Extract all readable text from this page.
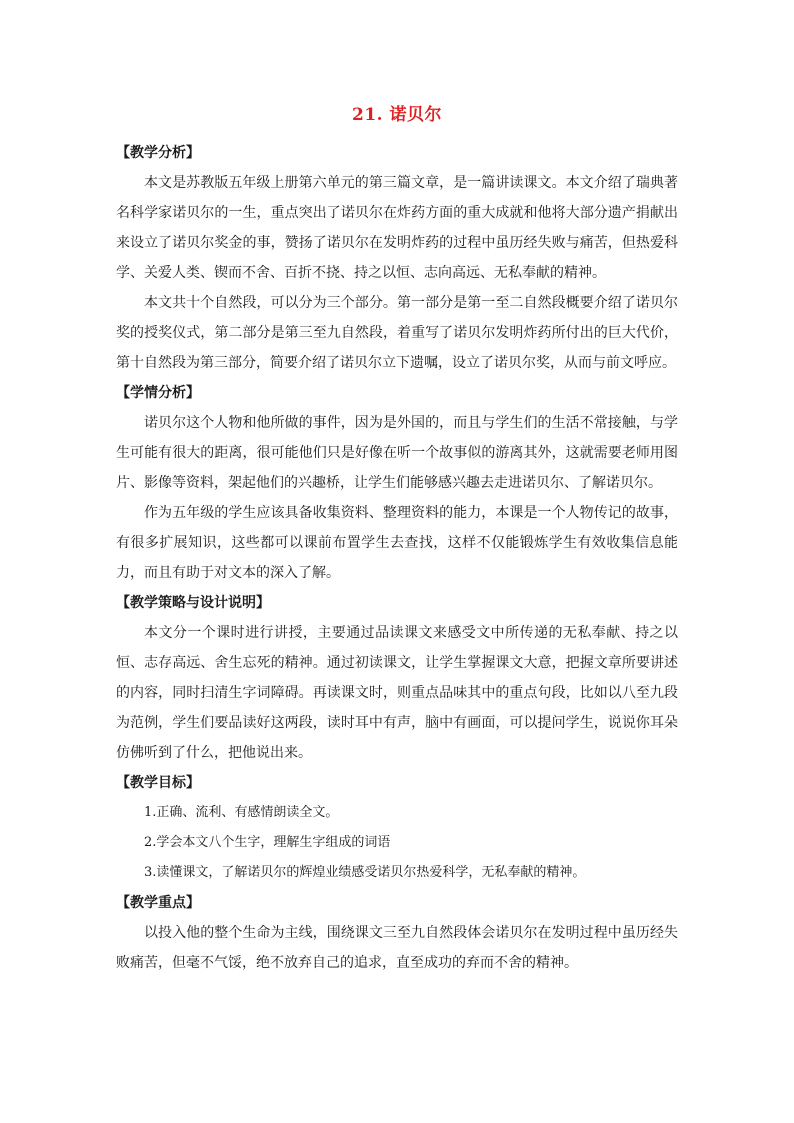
21. 诺贝尔

【教学分析】

本文是苏教版五年级上册第六单元的第三篇文章，是一篇讲读课文。本文介绍了瑞典著名科学家诺贝尔的一生，重点突出了诺贝尔在炸药方面的重大成就和他将大部分遗产捐献出来设立了诺贝尔奖金的事，赞扬了诺贝尔在发明炸药的过程中虽历经失败与痛苦，但热爱科学、关爱人类、锲而不舍、百折不挠、持之以恒、志向高远、无私奉献的精神。

本文共十个自然段，可以分为三个部分。第一部分是第一至二自然段概要介绍了诺贝尔奖的授奖仪式，第二部分是第三至九自然段，着重写了诺贝尔发明炸药所付出的巨大代价，第十自然段为第三部分，简要介绍了诺贝尔立下遗嘱，设立了诺贝尔奖，从而与前文呼应。

【学情分析】

诺贝尔这个人物和他所做的事件，因为是外国的，而且与学生们的生活不常接触，与学生可能有很大的距离，很可能他们只是好像在听一个故事似的游离其外，这就需要老师用图片、影像等资料，架起他们的兴趣桥，让学生们能够感兴趣去走进诺贝尔、了解诺贝尔。

作为五年级的学生应该具备收集资料、整理资料的能力，本课是一个人物传记的故事，有很多扩展知识，这些都可以课前布置学生去查找，这样不仅能锻炼学生有效收集信息能力，而且有助于对文本的深入了解。

【教学策略与设计说明】

本文分一个课时进行讲授，主要通过品读课文来感受文中所传递的无私奉献、持之以恒、志存高远、舍生忘死的精神。通过初读课文，让学生掌握课文大意，把握文章所要讲述的内容，同时扫清生字词障碍。再读课文时，则重点品味其中的重点句段，比如以八至九段为范例，学生们要品读好这两段，读时耳中有声，脑中有画面，可以提问学生，说说你耳朵仿佛听到了什么，把他说出来。

【教学目标】

1.正确、流利、有感情朗读全文。

2.学会本文八个生字，理解生字组成的词语

3.读懂课文，了解诺贝尔的辉煌业绩感受诺贝尔热爱科学，无私奉献的精神。

【教学重点】

以投入他的整个生命为主线，围绕课文三至九自然段体会诺贝尔在发明过程中虽历经失败痛苦，但毫不气馁，绝不放弃自己的追求，直至成功的弃而不舍的精神。
